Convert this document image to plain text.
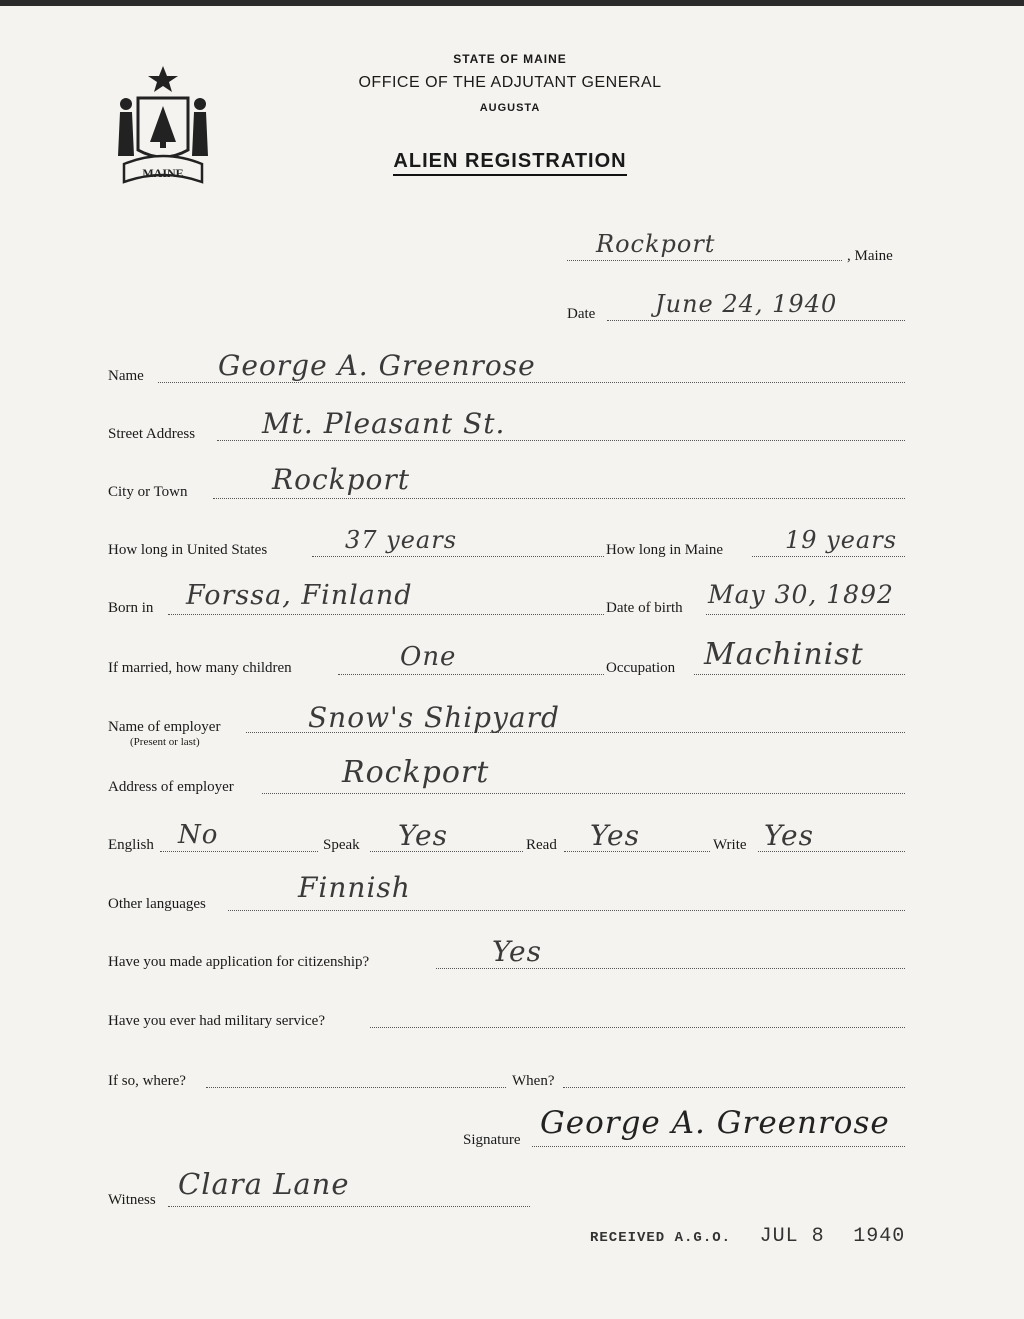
MAINE
STATE OF MAINE
OFFICE OF THE ADJUTANT GENERAL
AUGUSTA
ALIEN REGISTRATION
Rockport	, Maine
Date June 24, 1940
Name	George A. Greenrose
Street Address Mt. Pleasant St.
City or Town	Rockport
How long in United States	37 years	How long in Maine	19 years
Born in Forssa, Finland	Date of birth May 30, 1892
If married, how many children	One	Occupation Machinist
Name of employer
(Present or last)
Snow's Shipyard
Address of employer	Rockport
English No	Speak Yes	Read Yes	Write Yes
Other languages	Finnish
Have you made application for citizenship?	Yes
Have you ever had military service?
If so, where?	When?
Signature George A. Greenrose
Witness Clara Lane
RECEIVED A.G.O. JUL 8 1940
